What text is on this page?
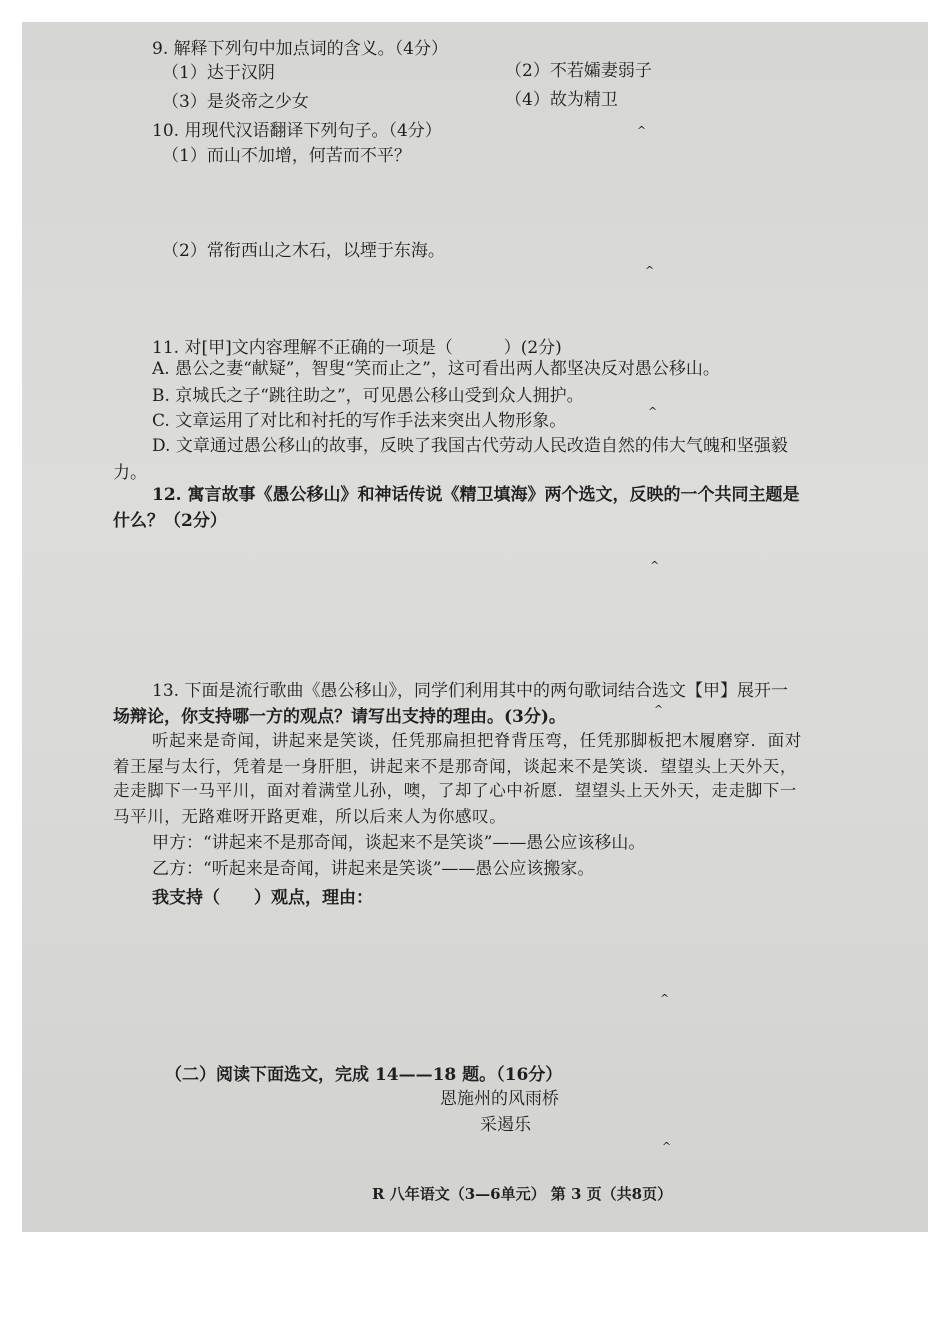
9. 解释下列句中加点词的含义。（4分）
（1）达于汉阴	（2）不若孀妻弱子
（3）是炎帝之少女	（4）故为精卫
10. 用现代汉语翻译下列句子。（4分）
（1）而山不加增，何苦而不平？
（2）常衔西山之木石，以堙于东海。
11. 对[甲]文内容理解不正确的一项是（　　　）(2分)
A. 愚公之妻“献疑”，智叟“笑而止之”，这可看出两人都坚决反对愚公移山。
B. 京城氏之子“跳往助之”，可见愚公移山受到众人拥护。
C. 文章运用了对比和衬托的写作手法来突出人物形象。
D. 文章通过愚公移山的故事，反映了我国古代劳动人民改造自然的伟大气魄和坚强毅
力。
12. 寓言故事《愚公移山》和神话传说《精卫填海》两个选文，反映的一个共同主题是
什么？（2分）
13. 下面是流行歌曲《愚公移山》，同学们利用其中的两句歌词结合选文【甲】展开一
场辩论，你支持哪一方的观点？请写出支持的理由。(3分)。
听起来是奇闻，讲起来是笑谈，任凭那扁担把脊背压弯，任凭那脚板把木履磨穿．面对
着王屋与太行，凭着是一身肝胆，讲起来不是那奇闻，谈起来不是笑谈．望望头上天外天，
走走脚下一马平川，面对着满堂儿孙，噢，了却了心中祈愿．望望头上天外天，走走脚下一
马平川，无路难呀开路更难，所以后来人为你感叹。
甲方：“讲起来不是那奇闻，谈起来不是笑谈”——愚公应该移山。
乙方：“听起来是奇闻，讲起来是笑谈”——愚公应该搬家。
我支持（　　）观点，理由：
（二）阅读下面选文，完成 14——18 题。（16分）
恩施州的风雨桥
采遏乐
R 八年语文（3—6单元） 第 3 页（共8页）
^
^
^
^
^
^
^
